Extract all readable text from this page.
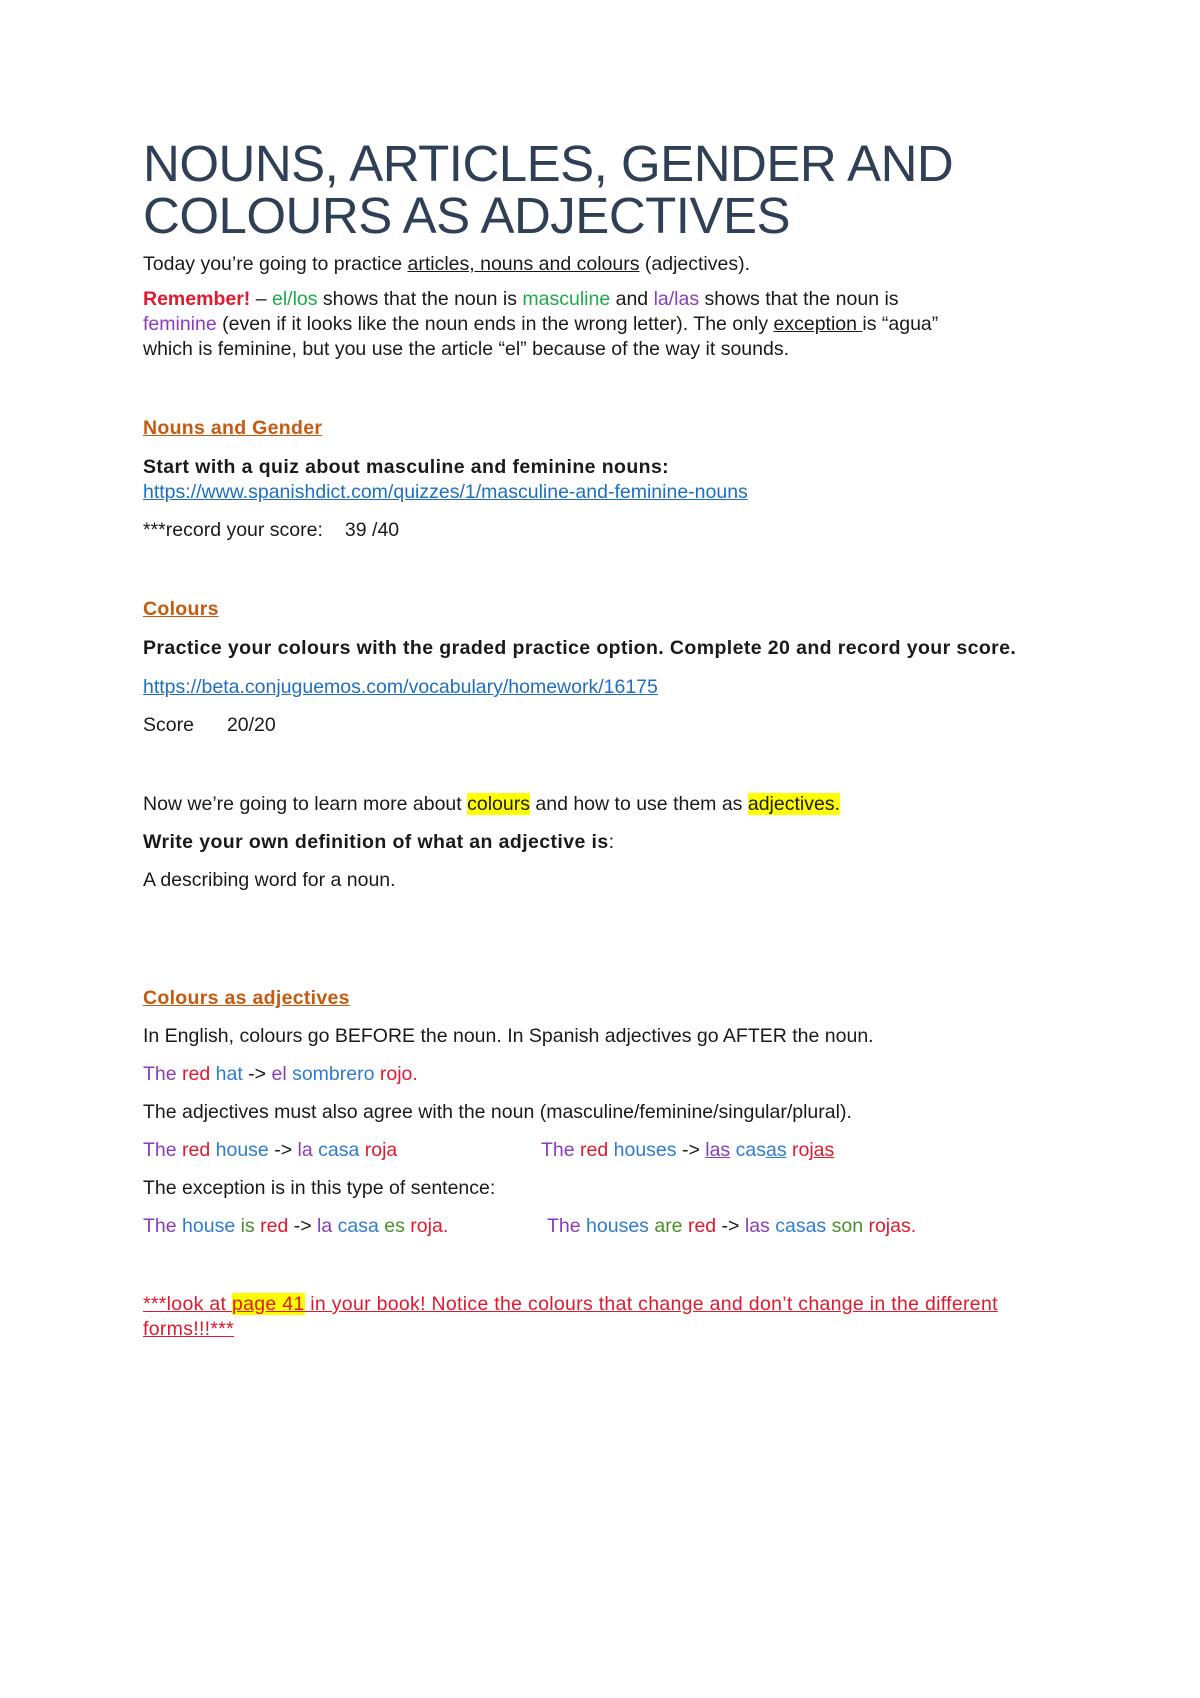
NOUNS, ARTICLES, GENDER AND
COLOURS AS ADJECTIVES

Today you’re going to practice articles, nouns and colours (adjectives).

Remember! – el/los shows that the noun is masculine and la/las shows that the noun is
feminine (even if it looks like the noun ends in the wrong letter). The only exception is “agua”
which is feminine, but you use the article “el” because of the way it sounds.

Nouns and Gender

Start with a quiz about masculine and feminine nouns:

https://www.spanishdict.com/quizzes/1/masculine-and-feminine-nouns

***record your score: 39 /40

Colours

Practice your colours with the graded practice option. Complete 20 and record your score.

https://beta.conjuguemos.com/vocabulary/homework/16175

Score 20/20

Now we’re going to learn more about colours and how to use them as adjectives.

Write your own definition of what an adjective is:

A describing word for a noun.

Colours as adjectives

In English, colours go BEFORE the noun. In Spanish adjectives go AFTER the noun.

The red hat -> el sombrero rojo.

The adjectives must also agree with the noun (masculine/feminine/singular/plural).

The red house -> la casa roja	The red houses -> las casas rojas

The exception is in this type of sentence:

The house is red -> la casa es roja.	The houses are red -> las casas son rojas.

***look at page 41 in your book! Notice the colours that change and don’t change in the different forms!!!***
